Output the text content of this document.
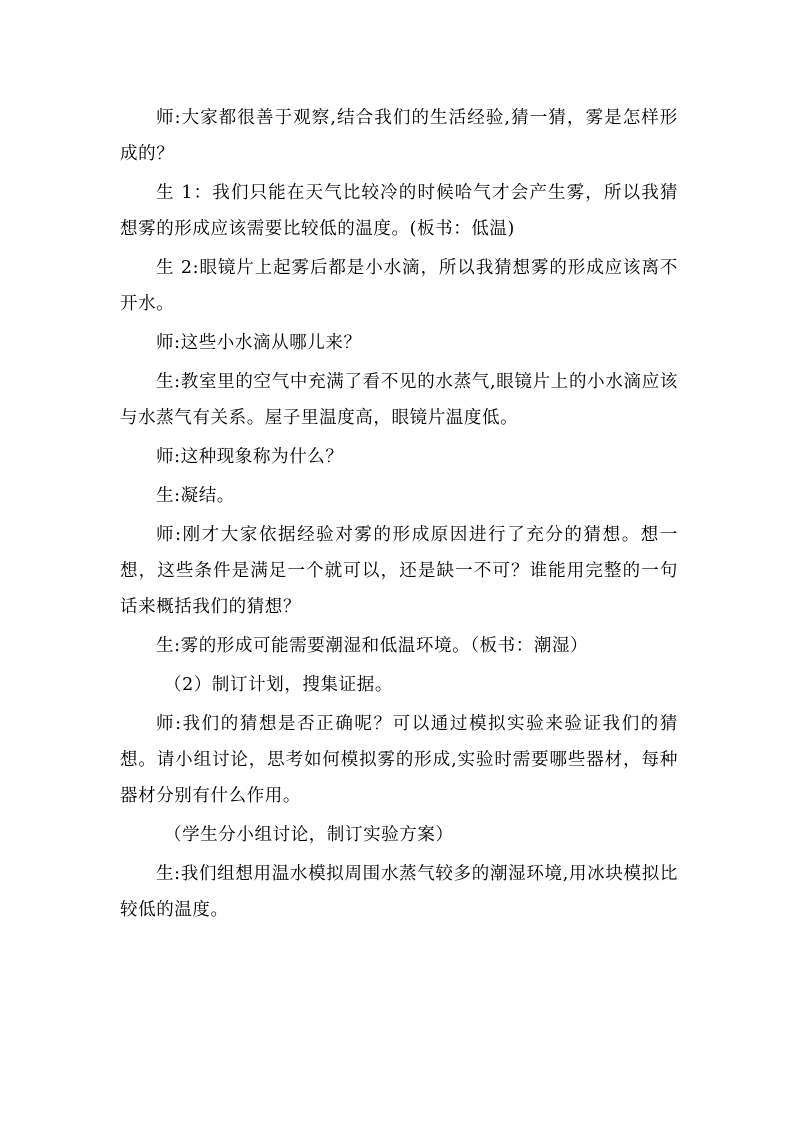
师:大家都很善于观察,结合我们的生活经验,猜一猜，雾是怎样形成的？

生 1：我们只能在天气比较冷的时候哈气才会产生雾，所以我猜想雾的形成应该需要比较低的温度。(板书：低温)

生 2:眼镜片上起雾后都是小水滴，所以我猜想雾的形成应该离不开水。

师:这些小水滴从哪儿来？

生:教室里的空气中充满了看不见的水蒸气,眼镜片上的小水滴应该与水蒸气有关系。屋子里温度高，眼镜片温度低。

师:这种现象称为什么？

生:凝结。

师:刚才大家依据经验对雾的形成原因进行了充分的猜想。想一想，这些条件是满足一个就可以，还是缺一不可？谁能用完整的一句话来概括我们的猜想？

生:雾的形成可能需要潮湿和低温环境。（板书：潮湿）

（2）制订计划，搜集证据。

师:我们的猜想是否正确呢？可以通过模拟实验来验证我们的猜想。请小组讨论，思考如何模拟雾的形成,实验时需要哪些器材，每种器材分别有什么作用。

（学生分小组讨论，制订实验方案）

生:我们组想用温水模拟周围水蒸气较多的潮湿环境,用冰块模拟比较低的温度。
